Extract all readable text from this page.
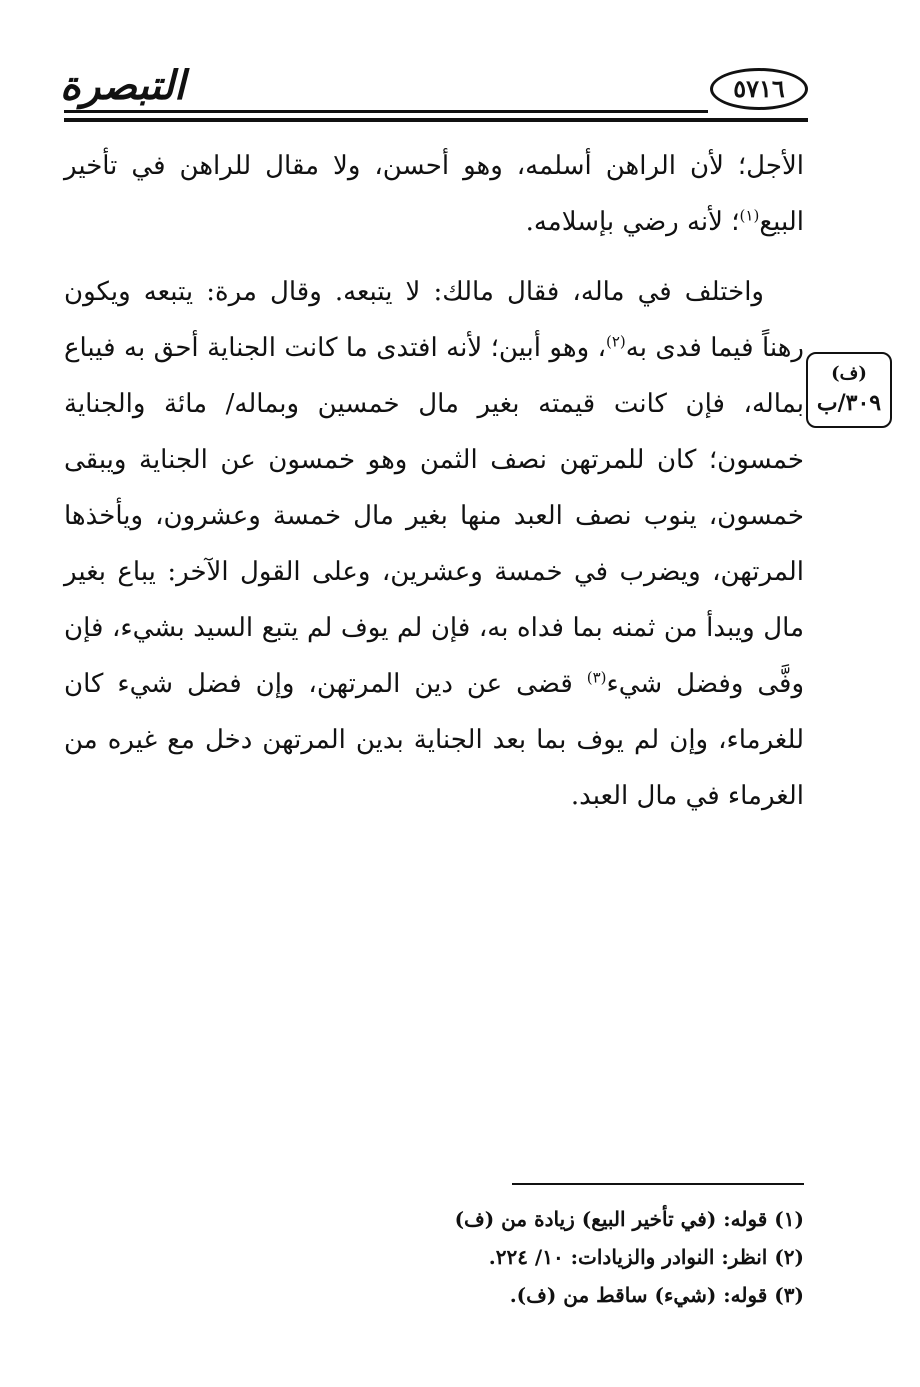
التبصرة	٥٧١٦
(ف)
٣٠٩/ب

الأجل؛ لأن الراهن أسلمه، وهو أحسن، ولا مقال للراهن في تأخير البيع$^{(١)}$؛ لأنه رضي بإسلامه.

واختلف في ماله، فقال مالك: لا يتبعه. وقال مرة: يتبعه ويكون رهناً فيما فدى به$^{(٢)}$، وهو أبين؛ لأنه افتدى ما كانت الجناية أحق به فيباع بماله، فإن كانت قيمته بغير مال خمسين وبماله/ مائة والجناية خمسون؛ كان للمرتهن نصف الثمن وهو خمسون عن الجناية ويبقى خمسون، ينوب نصف العبد منها بغير مال خمسة وعشرون، ويأخذها المرتهن، ويضرب في خمسة وعشرين، وعلى القول الآخر: يباع بغير مال ويبدأ من ثمنه بما فداه به، فإن لم يوف لم يتبع السيد بشيء، فإن وفَّى وفضل شيء$^{(٣)}$ قضى عن دين المرتهن، وإن فضل شيء كان للغرماء، وإن لم يوف بما بعد الجناية بدين المرتهن دخل مع غيره من الغرماء في مال العبد.

(١) قوله: (في تأخير البيع) زيادة من (ف)
(٢) انظر: النوادر والزيادات: ١٠/ ٢٢٤.
(٣) قوله: (شيء) ساقط من (ف).
